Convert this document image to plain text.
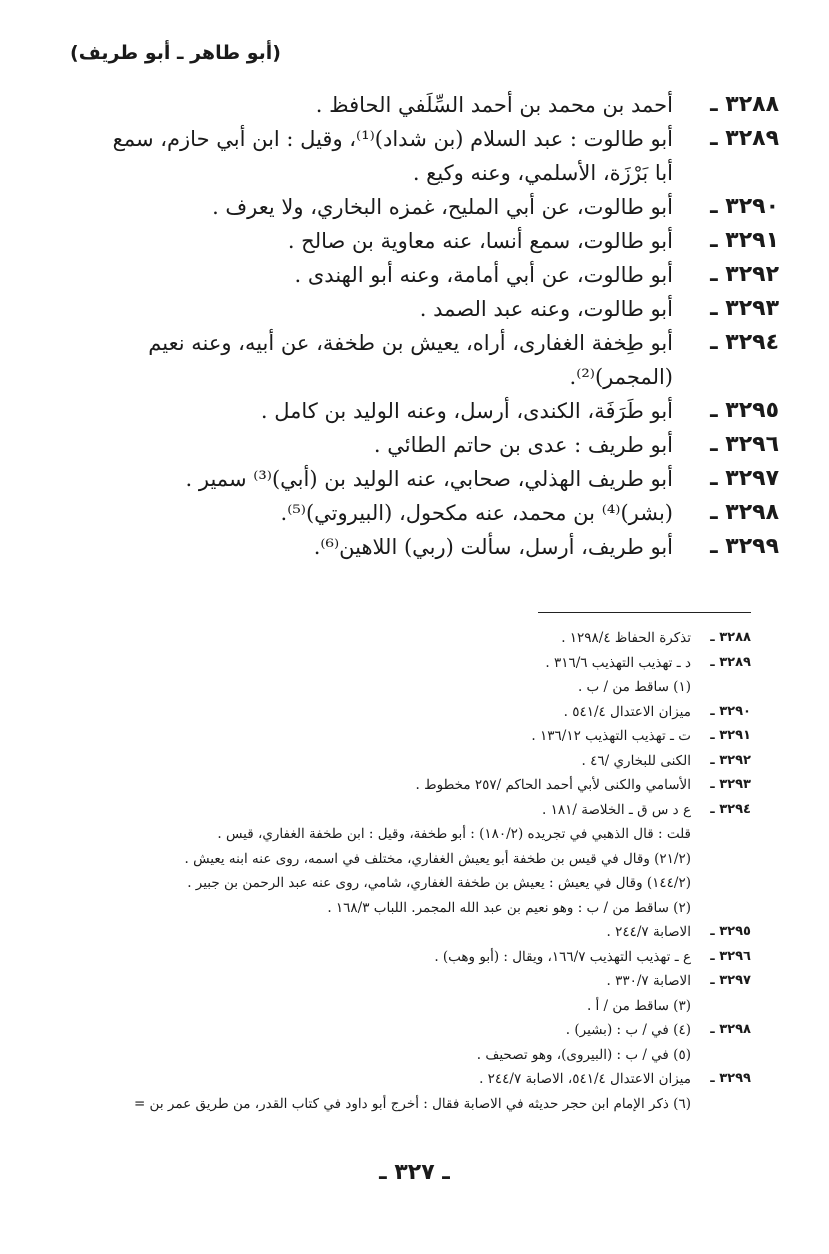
(أبو طاهر ـ أبو طريف)
٣٢٨٨ ـ
أحمد بن محمد بن أحمد السِّلَفي الحافظ .
٣٢٨٩ ـ
أبو طالوت : عبد السلام (بن شداد)⁽¹⁾، وقيل : ابن أبي حازم، سمع أبا بَرْزَة، الأسلمي، وعنه وكيع .
٣٢٩٠ ـ
أبو طالوت، عن أبي المليح، غمزه البخاري، ولا يعرف .
٣٢٩١ ـ
أبو طالوت، سمع أنسا، عنه معاوية بن صالح .
٣٢٩٢ ـ
أبو طالوت، عن أبي أمامة، وعنه أبو الهندى .
٣٢٩٣ ـ
أبو طالوت، وعنه عبد الصمد .
٣٢٩٤ ـ
أبو طِخفة الغفارى، أراه، يعيش بن طخفة، عن أبيه، وعنه نعيم (المجمر)⁽²⁾.
٣٢٩٥ ـ
أبو طَرَفَة، الكندى، أرسل، وعنه الوليد بن كامل .
٣٢٩٦ ـ
أبو طريف : عدى بن حاتم الطائي .
٣٢٩٧ ـ
أبو طريف الهذلي، صحابي، عنه الوليد بن (أبي)⁽³⁾ سمير .
٣٢٩٨ ـ
(بشر)⁽⁴⁾ بن محمد، عنه مكحول، (البيروتي)⁽⁵⁾.
٣٢٩٩ ـ
أبو طريف، أرسل، سألت (ربي) اللاهين⁽⁶⁾.
٣٢٨٨ ـ
تذكرة الحفاظ ١٢٩٨/٤ .
٣٢٨٩ ـ
د ـ تهذيب التهذيب ٣١٦/٦ .
(١) ساقط من / ب .
٣٢٩٠ ـ
ميزان الاعتدال ٥٤١/٤ .
٣٢٩١ ـ
ت ـ تهذيب التهذيب ١٣٦/١٢ .
٣٢٩٢ ـ
الكنى للبخاري /٤٦ .
٣٢٩٣ ـ
الأسامي والكنى لأبي أحمد الحاكم /٢٥٧ مخطوط .
٣٢٩٤ ـ
ع د س ق ـ الخلاصة /١٨١ .
قلت : قال الذهبي في تجريده (١٨٠/٢) : أبو طخفة، وقيل : ابن طخفة الغفاري، قيس .
(٢١/٢) وقال في قيس بن طخفة أبو يعيش الغفاري، مختلف في اسمه، روى عنه ابنه يعيش .
(١٤٤/٢) وقال في يعيش : يعيش بن طخفة الغفاري، شامي، روى عنه عبد الرحمن بن جبير .
(٢) ساقط من / ب : وهو نعيم بن عبد الله المجمر. اللباب ١٦٨/٣ .
٣٢٩٥ ـ
الاصابة ٢٤٤/٧ .
٣٢٩٦ ـ
ع ـ تهذيب التهذيب ١٦٦/٧، ويقال : (أبو وهب) .
٣٢٩٧ ـ
الاصابة ٣٣٠/٧ .
(٣) ساقط من / أ .
٣٢٩٨ ـ
(٤) في / ب : (بشير) .
(٥) في / ب : (البيروى)، وهو تصحيف .
٣٢٩٩ ـ
ميزان الاعتدال ٥٤١/٤، الاصابة ٢٤٤/٧ .
(٦) ذكر الإمام ابن حجر حديثه في الاصابة فقال : أخرج أبو داود في كتاب القدر، من طريق عمر بن =
ـ ٣٢٧ ـ
